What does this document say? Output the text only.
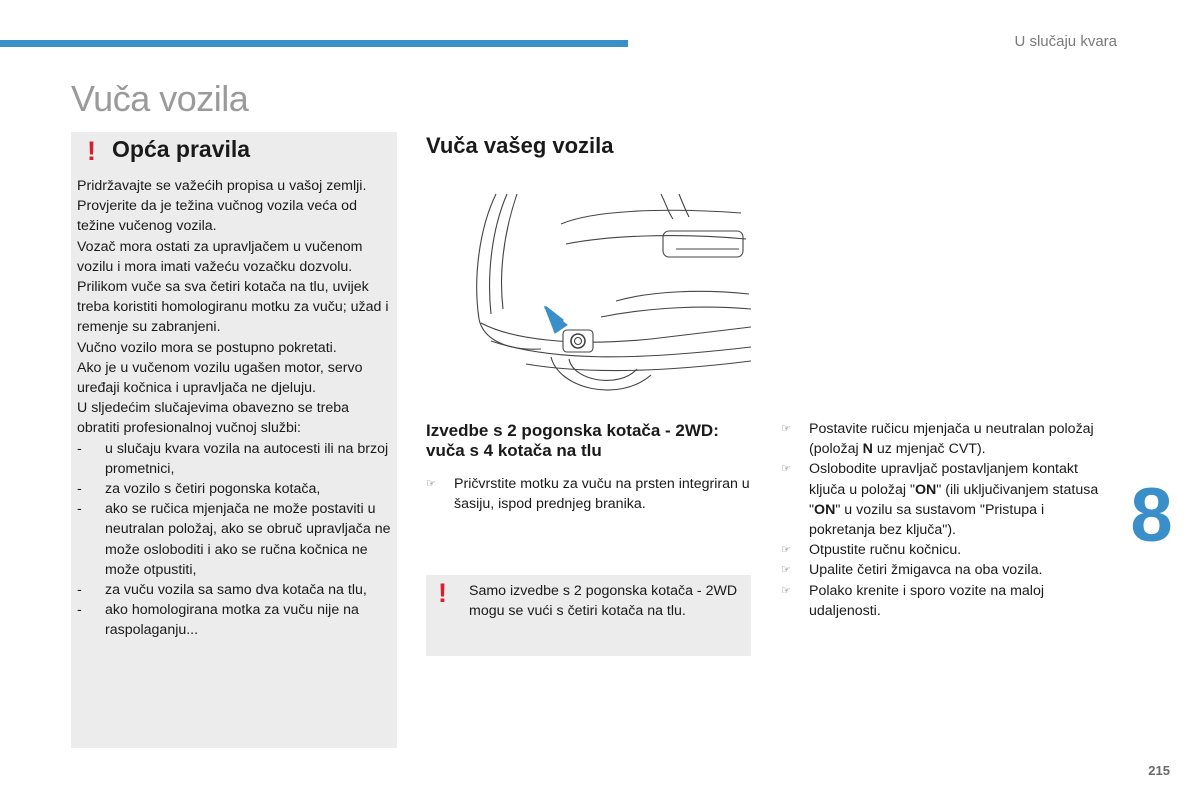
U slučaju kvara
Vuča vozila
! Opća pravila

Pridržavajte se važećih propisa u vašoj zemlji.

Provjerite da je težina vučnog vozila veća od težine vučenog vozila.

Vozač mora ostati za upravljačem u vučenom vozilu i mora imati važeću vozačku dozvolu.

Prilikom vuče sa sva četiri kotača na tlu, uvijek treba koristiti homologiranu motku za vuču; užad i remenje su zabranjeni.

Vučno vozilo mora se postupno pokretati.

Ako je u vučenom vozilu ugašen motor, servo uređaji kočnica i upravljača ne djeluju.

U sljedećim slučajevima obavezno se treba obratiti profesionalnoj vučnoj službi:

- u slučaju kvara vozila na autocesti ili na brzoj prometnici,
- za vozilo s četiri pogonska kotača,
- ako se ručica mjenjača ne može postaviti u neutralan položaj, ako se obruč upravljača ne može osloboditi i ako se ručna kočnica ne može otpustiti,
- za vuču vozila sa samo dva kotača na tlu,
- ako homologirana motka za vuču nije na raspolaganju...
Vuča vašeg vozila
Izvedbe s 2 pogonska kotača - 2WD: vuča s 4 kotača na tlu
☞ Pričvrstite motku za vuču na prsten integriran u šasiju, ispod prednjeg branika.
! Samo izvedbe s 2 pogonska kotača - 2WD mogu se vući s četiri kotača na tlu.

☞ Postavite ručicu mjenjača u neutralan položaj (položaj N uz mjenjač CVT).
☞ Oslobodite upravljač postavljanjem kontakt ključa u položaj "ON" (ili uključivanjem statusa "ON" u vozilu sa sustavom "Pristupa i pokretanja bez ključa").
☞ Otpustite ručnu kočnicu.
☞ Upalite četiri žmigavca na oba vozila.
☞ Polako krenite i sporo vozite na maloj udaljenosti.
8
215
